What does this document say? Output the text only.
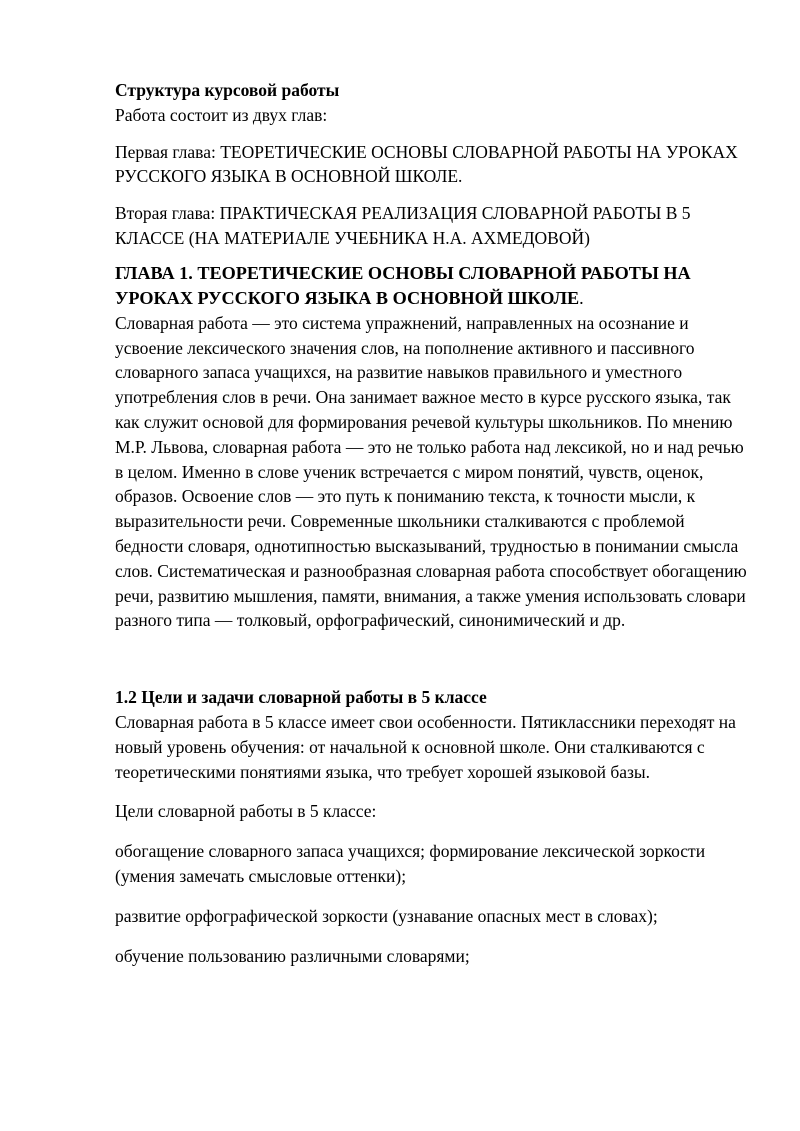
Структура курсовой работы

Работа состоит из двух глав:

Первая глава: ТЕОРЕТИЧЕСКИЕ ОСНОВЫ СЛОВАРНОЙ РАБОТЫ НА УРОКАХ РУССКОГО ЯЗЫКА В ОСНОВНОЙ ШКОЛЕ.

Вторая глава: ПРАКТИЧЕСКАЯ РЕАЛИЗАЦИЯ СЛОВАРНОЙ РАБОТЫ В 5 КЛАССЕ (НА МАТЕРИАЛЕ УЧЕБНИКА Н.А. АХМЕДОВОЙ)

ГЛАВА 1. ТЕОРЕТИЧЕСКИЕ ОСНОВЫ СЛОВАРНОЙ РАБОТЫ НА УРОКАХ РУССКОГО ЯЗЫКА В ОСНОВНОЙ ШКОЛЕ.

Словарная работа — это система упражнений, направленных на осознание и усвоение лексического значения слов, на пополнение активного и пассивного словарного запаса учащихся, на развитие навыков правильного и уместного употребления слов в речи. Она занимает важное место в курсе русского языка, так как служит основой для формирования речевой культуры школьников. По мнению М.Р. Львова, словарная работа — это не только работа над лексикой, но и над речью в целом. Именно в слове ученик встречается с миром понятий, чувств, оценок, образов. Освоение слов — это путь к пониманию текста, к точности мысли, к выразительности речи. Современные школьники сталкиваются с проблемой бедности словаря, однотипностью высказываний, трудностью в понимании смысла слов. Систематическая и разнообразная словарная работа способствует обогащению речи, развитию мышления, памяти, внимания, а также умения использовать словари разного типа — толковый, орфографический, синонимический и др.

1.2 Цели и задачи словарной работы в 5 классе

Словарная работа в 5 классе имеет свои особенности. Пятиклассники переходят на новый уровень обучения: от начальной к основной школе. Они сталкиваются с теоретическими понятиями языка, что требует хорошей языковой базы.

Цели словарной работы в 5 классе:

обогащение словарного запаса учащихся; формирование лексической зоркости (умения замечать смысловые оттенки);

развитие орфографической зоркости (узнавание опасных мест в словах);

обучение пользованию различными словарями;
